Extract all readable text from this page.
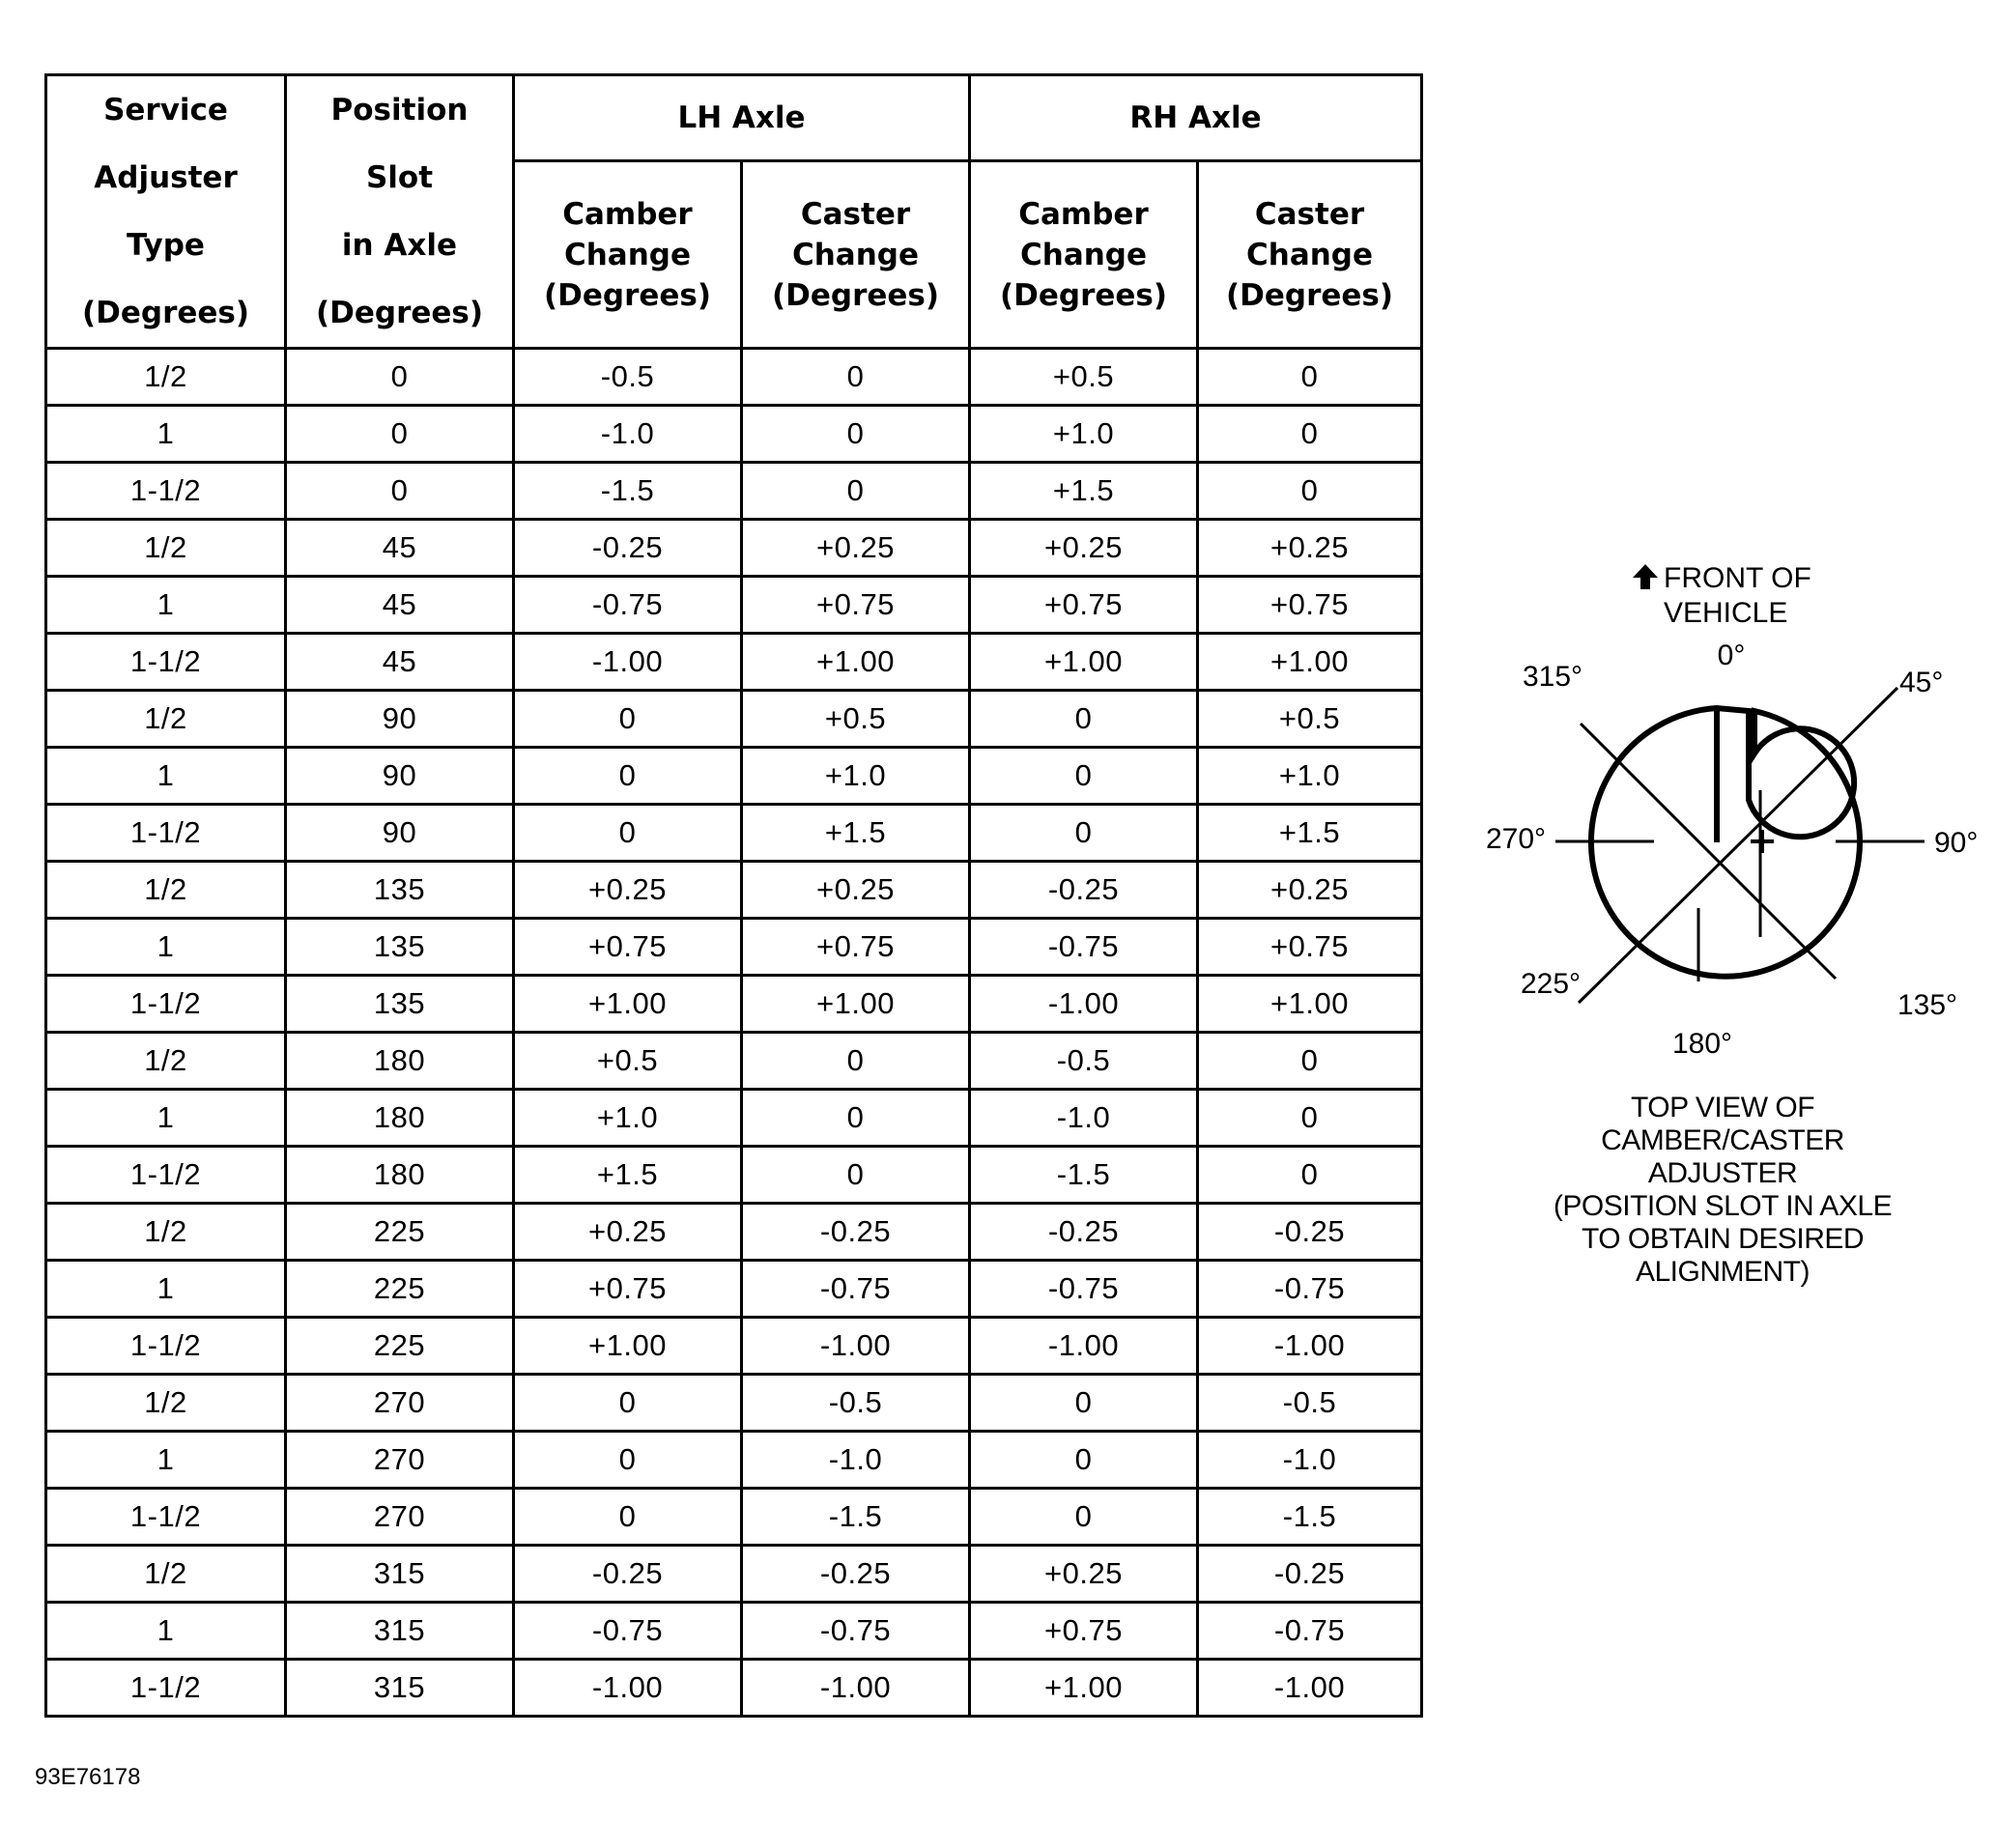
Service
Adjuster
Type
(Degrees)	Position
Slot
in Axle
(Degrees)	LH Axle		RH Axle	

		Camber
Change
(Degrees)	Caster
Change
(Degrees)	Camber
Change
(Degrees)	Caster
Change
(Degrees)

1/2	0	-0.5	0	+0.5	0
1	0	-1.0	0	+1.0	0
1-1/2	0	-1.5	0	+1.5	0
1/2	45	-0.25	+0.25	+0.25	+0.25
1	45	-0.75	+0.75	+0.75	+0.75
1-1/2	45	-1.00	+1.00	+1.00	+1.00
1/2	90	0	+0.5	0	+0.5
1	90	0	+1.0	0	+1.0
1-1/2	90	0	+1.5	0	+1.5
1/2	135	+0.25	+0.25	-0.25	+0.25
1	135	+0.75	+0.75	-0.75	+0.75
1-1/2	135	+1.00	+1.00	-1.00	+1.00
1/2	180	+0.5	0	-0.5	0
1	180	+1.0	0	-1.0	0
1-1/2	180	+1.5	0	-1.5	0
1/2	225	+0.25	-0.25	-0.25	-0.25
1	225	+0.75	-0.75	-0.75	-0.75
1-1/2	225	+1.00	-1.00	-1.00	-1.00
1/2	270	0	-0.5	0	-0.5
1	270	0	-1.0	0	-1.0
1-1/2	270	0	-1.5	0	-1.5
1/2	315	-0.25	-0.25	+0.25	-0.25
1	315	-0.75	-0.75	+0.75	-0.75
1-1/2	315	-1.00	-1.00	+1.00	-1.00
FRONT OF
VEHICLE
0°
45°
90°
135°
180°
225°
270°
315°
TOP VIEW OF
CAMBER/CASTER
ADJUSTER
(POSITION SLOT IN AXLE
TO OBTAIN DESIRED
ALIGNMENT)
93E76178
